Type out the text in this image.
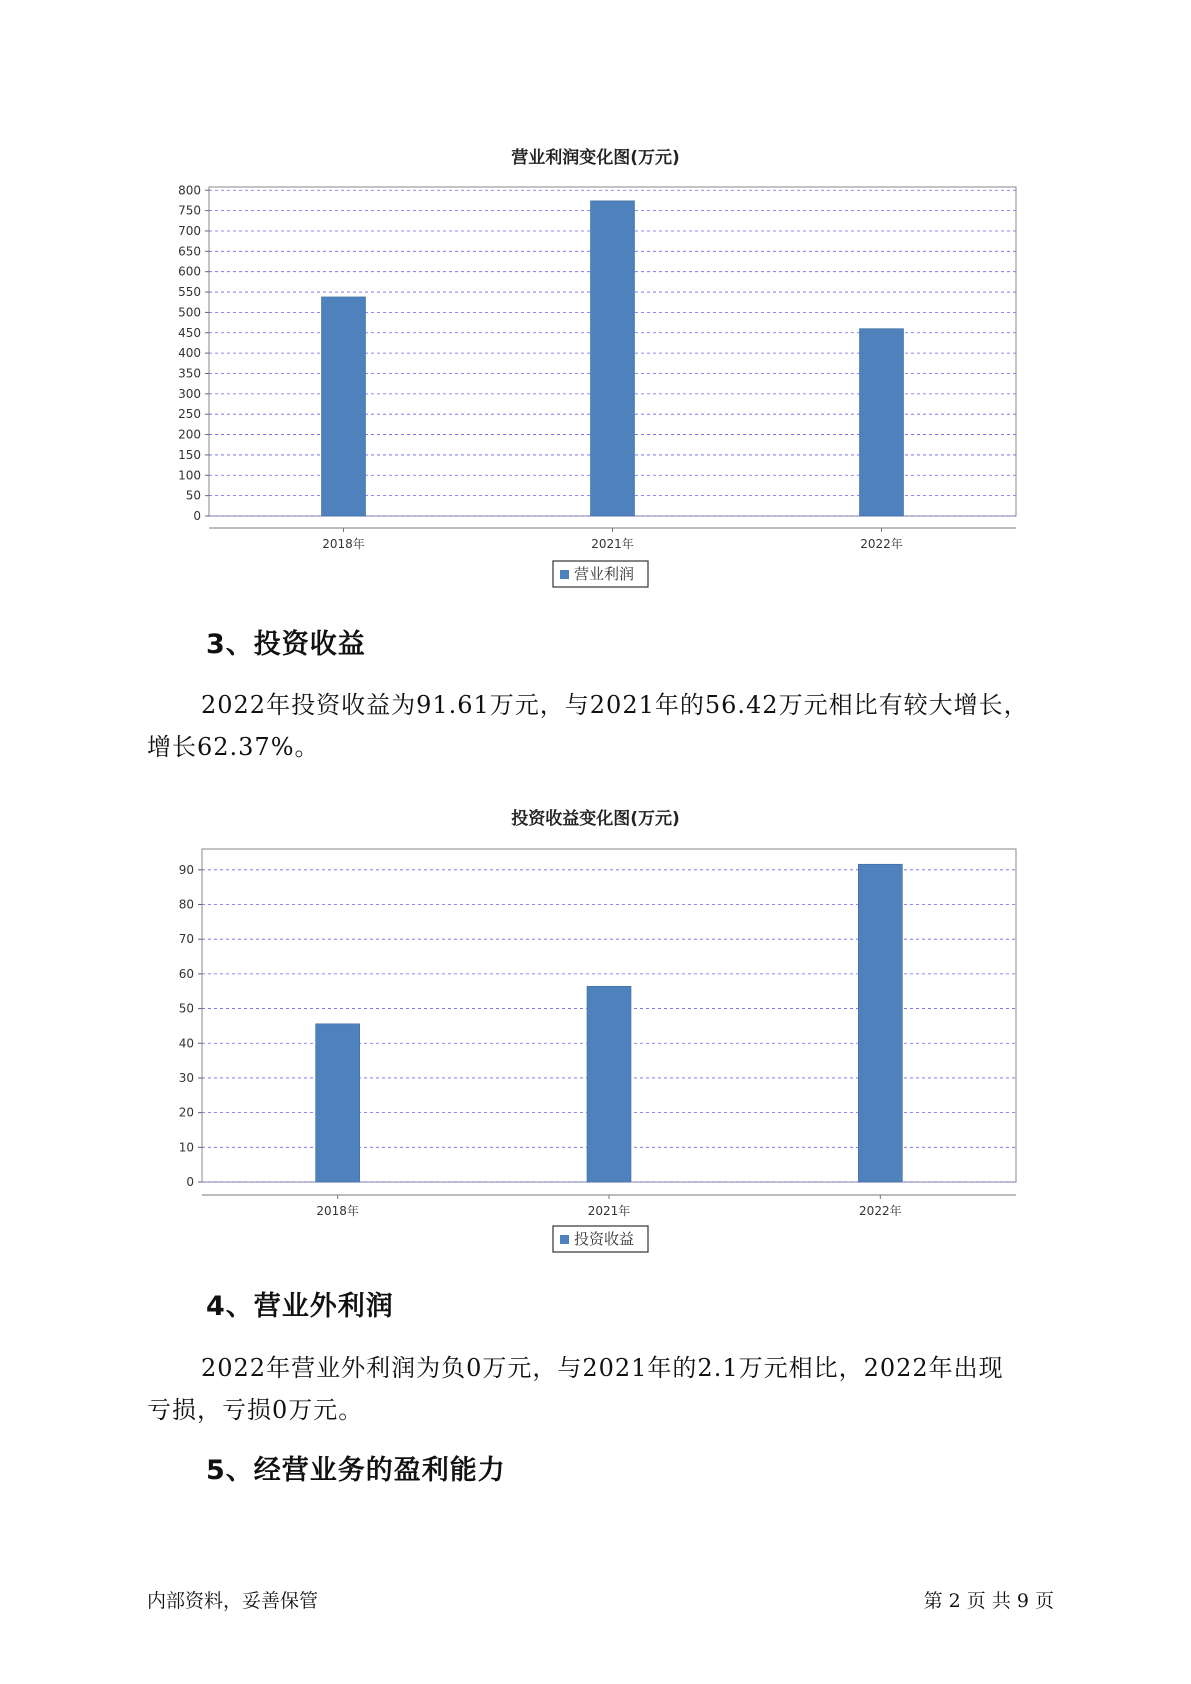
营业利润变化图(万元)
0
50
100
150
200
250
300
350
400
450
500
550
600
650
700
750
800
2018年	2021年	2022年
营业利润
3、投资收益
2022年投资收益为91.61万元，与2021年的56.42万元相比有较大增长，
增长62.37%。
投资收益变化图(万元)
0
10
20
30
40
50
60
70
80
90
2018年	2021年	2022年
投资收益
4、营业外利润
2022年营业外利润为负0万元，与2021年的2.1万元相比，2022年出现
亏损，亏损0万元。
5、经营业务的盈利能力
内部资料，妥善保管	第 2 页 共 9 页
